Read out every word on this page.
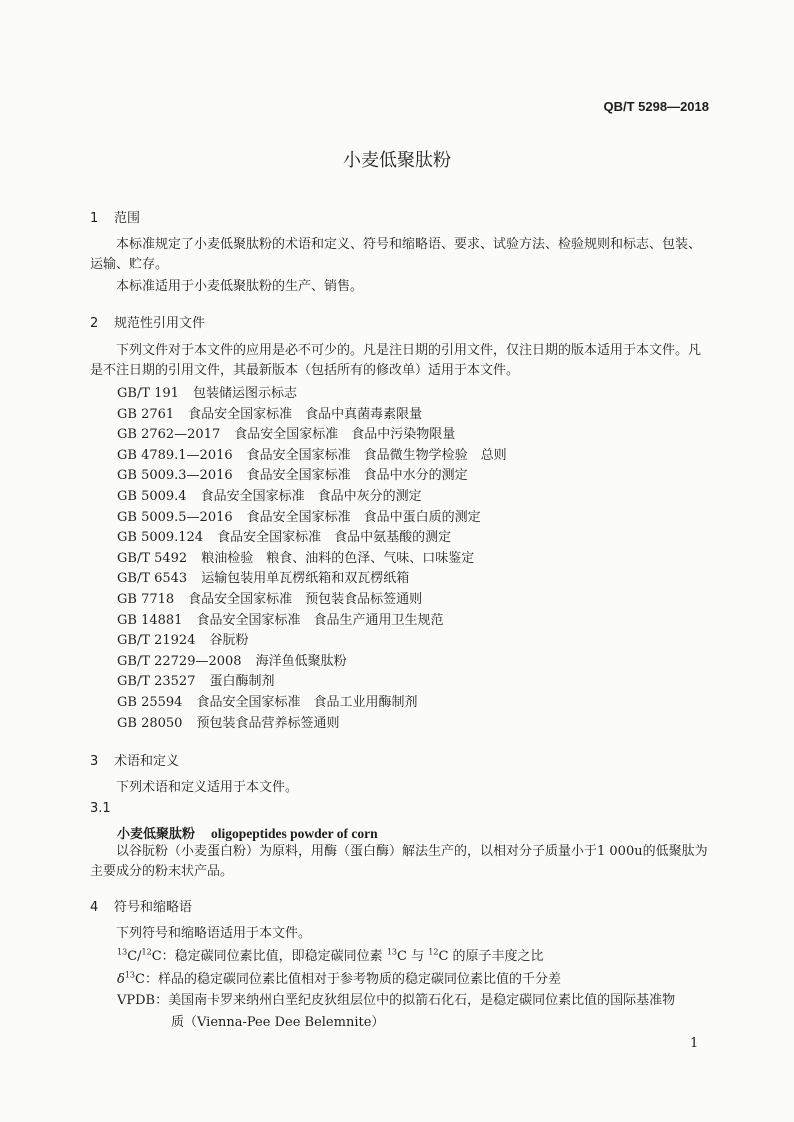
QB/T 5298—2018
小麦低聚肽粉
1 范围
本标准规定了小麦低聚肽粉的术语和定义、符号和缩略语、要求、试验方法、检验规则和标志、包装、运输、贮存。
本标准适用于小麦低聚肽粉的生产、销售。
2 规范性引用文件
下列文件对于本文件的应用是必不可少的。凡是注日期的引用文件，仅注日期的版本适用于本文件。凡是不注日期的引用文件，其最新版本（包括所有的修改单）适用于本文件。
GB/T 191 包装储运图示标志
GB 2761 食品安全国家标准　食品中真菌毒素限量
GB 2762—2017 食品安全国家标准　食品中污染物限量
GB 4789.1—2016 食品安全国家标准　食品微生物学检验　总则
GB 5009.3—2016 食品安全国家标准　食品中水分的测定
GB 5009.4 食品安全国家标准　食品中灰分的测定
GB 5009.5—2016 食品安全国家标准　食品中蛋白质的测定
GB 5009.124 食品安全国家标准　食品中氨基酸的测定
GB/T 5492 粮油检验　粮食、油料的色泽、气味、口味鉴定
GB/T 6543 运输包装用单瓦楞纸箱和双瓦楞纸箱
GB 7718 食品安全国家标准　预包装食品标签通则
GB 14881 食品安全国家标准　食品生产通用卫生规范
GB/T 21924 谷朊粉
GB/T 22729—2008 海洋鱼低聚肽粉
GB/T 23527 蛋白酶制剂
GB 25594 食品安全国家标准　食品工业用酶制剂
GB 28050 预包装食品营养标签通则
3 术语和定义
下列术语和定义适用于本文件。
3.1
小麦低聚肽粉 oligopeptides powder of corn
以谷朊粉（小麦蛋白粉）为原料，用酶（蛋白酶）解法生产的，以相对分子质量小于1 000u的低聚肽为主要成分的粉末状产品。
4 符号和缩略语
下列符号和缩略语适用于本文件。
$^{13}$C/$^{12}$C：稳定碳同位素比值，即稳定碳同位素 $^{13}$C 与 $^{12}$C 的原子丰度之比
$\delta^{13}C$：样品的稳定碳同位素比值相对于参考物质的稳定碳同位素比值的千分差
VPDB：美国南卡罗来纳州白垩纪皮狄组层位中的拟箭石化石，是稳定碳同位素比值的国际基准物
质（Vienna-Pee Dee Belemnite）
1
